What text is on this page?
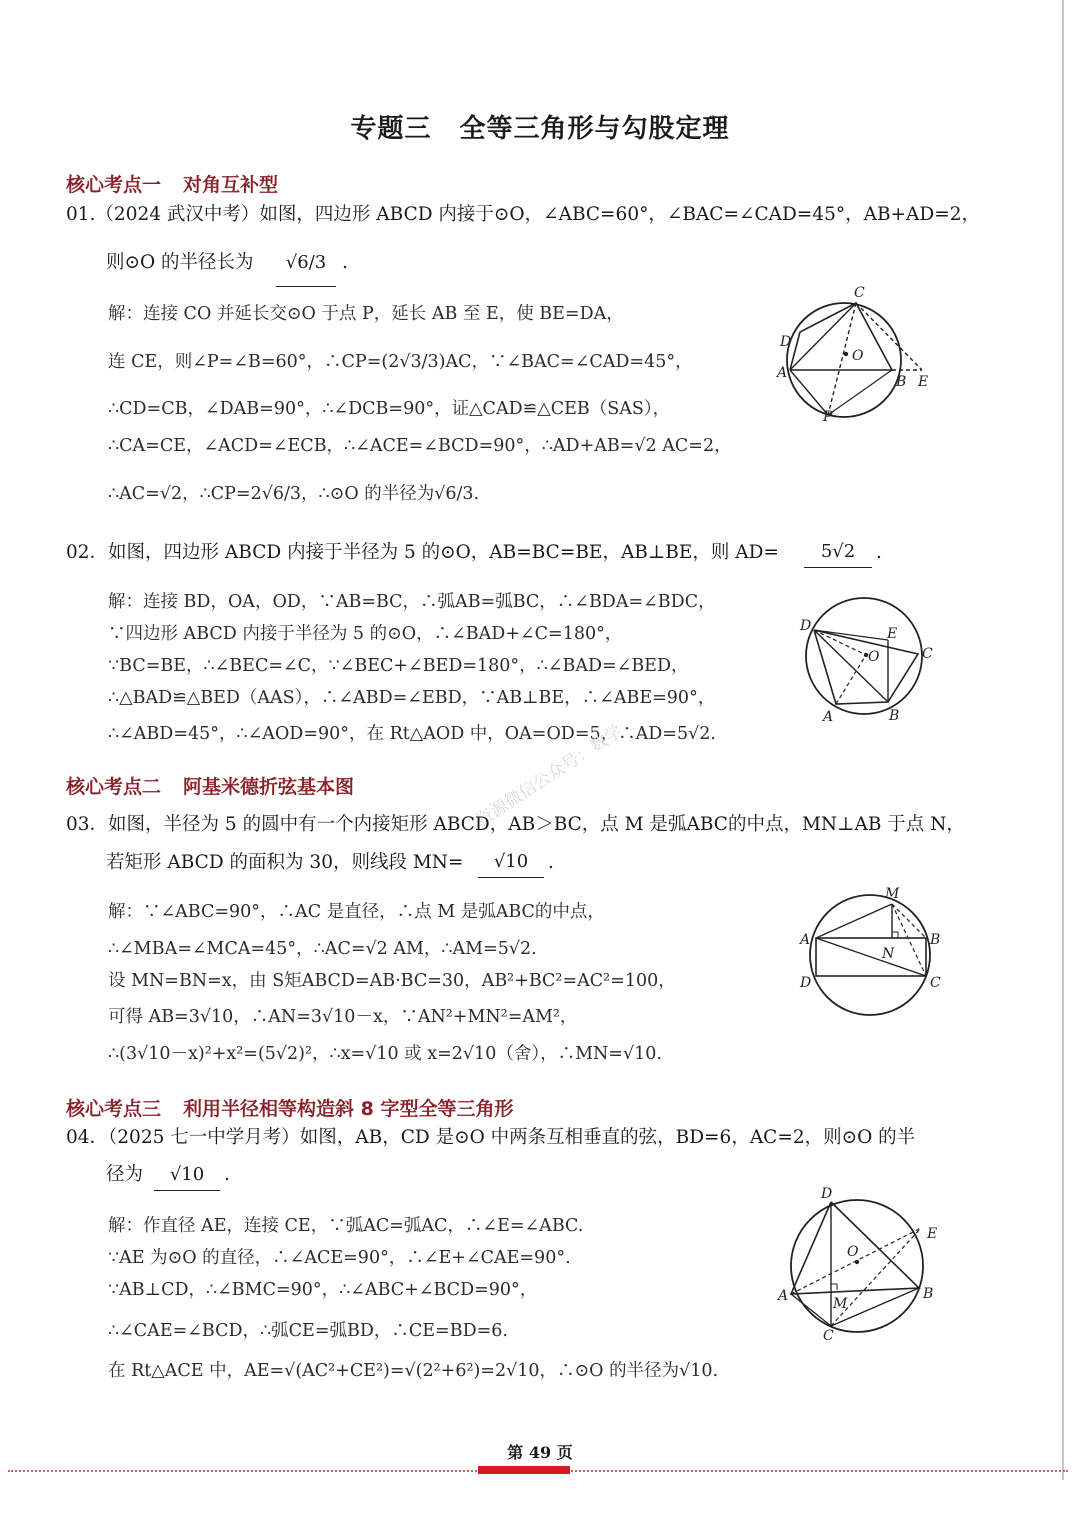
专题三 全等三角形与勾股定理
核心考点一 对角互补型
01.（2024 武汉中考）如图，四边形 ABCD 内接于⊙O，∠ABC=60°，∠BAC=∠CAD=45°，AB+AD=2，
则⊙O 的半径长为	√6/3 .
解：连接 CO 并延长交⊙O 于点 P，延长 AB 至 E，使 BE=DA，
连 CE，则∠P=∠B=60°，∴CP=(2√3/3)AC，∵∠BAC=∠CAD=45°，
∴CD=CB，∠DAB=90°，∴∠DCB=90°，证△CAD≌△CEB（SAS），
∴CA=CE，∠ACD=∠ECB，∴∠ACE=∠BCD=90°，∴AD+AB=√2 AC=2，
∴AC=√2，∴CP=2√6/3，∴⊙O 的半径为√6/3.
C
D
O
A
B E
P
02．如图，四边形 ABCD 内接于半径为 5 的⊙O，AB=BC=BE，AB⊥BE，则 AD=	5√2	.
解：连接 BD，OA，OD，∵AB=BC，∴弧AB=弧BC，∴∠BDA=∠BDC，
∵四边形 ABCD 内接于半径为 5 的⊙O，∴∠BAD+∠C=180°，
∵BC=BE，∴∠BEC=∠C，∵∠BEC+∠BED=180°，∴∠BAD=∠BED，
∴△BAD≌△BED（AAS），∴∠ABD=∠EBD，∵AB⊥BE，∴∠ABE=90°，
∴∠ABD=45°，∴∠AOD=90°，在 Rt△AOD 中，OA=OD=5，∴AD=5√2.
D	E
O	C
A	B
资源微信公众号：数学
核心考点二 阿基米德折弦基本图
03．如图，半径为 5 的圆中有一个内接矩形 ABCD，AB＞BC，点 M 是弧ABC的中点，MN⊥AB 于点 N，
若矩形 ABCD 的面积为 30，则线段 MN=	√10	.
解：∵∠ABC=90°，∴AC 是直径，∴点 M 是弧ABC的中点，
∴∠MBA=∠MCA=45°，∴AC=√2 AM，∴AM=5√2.
设 MN=BN=x，由 S矩ABCD=AB·BC=30，AB²+BC²=AC²=100，
可得 AB=3√10，∴AN=3√10－x，∵AN²+MN²=AM²，
∴(3√10－x)²+x²=(5√2)²，∴x=√10 或 x=2√10（舍），∴MN=√10.
M
A	B
N
D	C
核心考点三 利用半径相等构造斜 8 字型全等三角形
04．（2025 七一中学月考）如图，AB，CD 是⊙O 中两条互相垂直的弦，BD=6，AC=2，则⊙O 的半
径为	√10	.
解：作直径 AE，连接 CE，∵弧AC=弧AC，∴∠E=∠ABC.
∵AE 为⊙O 的直径，∴∠ACE=90°，∴∠E+∠CAE=90°.
∵AB⊥CD，∴∠BMC=90°，∴∠ABC+∠BCD=90°，
∴∠CAE=∠BCD，∴弧CE=弧BD，∴CE=BD=6.
在 Rt△ACE 中，AE=√(AC²+CE²)=√(2²+6²)=2√10，∴⊙O 的半径为√10.
D
E
O
A	M
B
C
第 49 页
